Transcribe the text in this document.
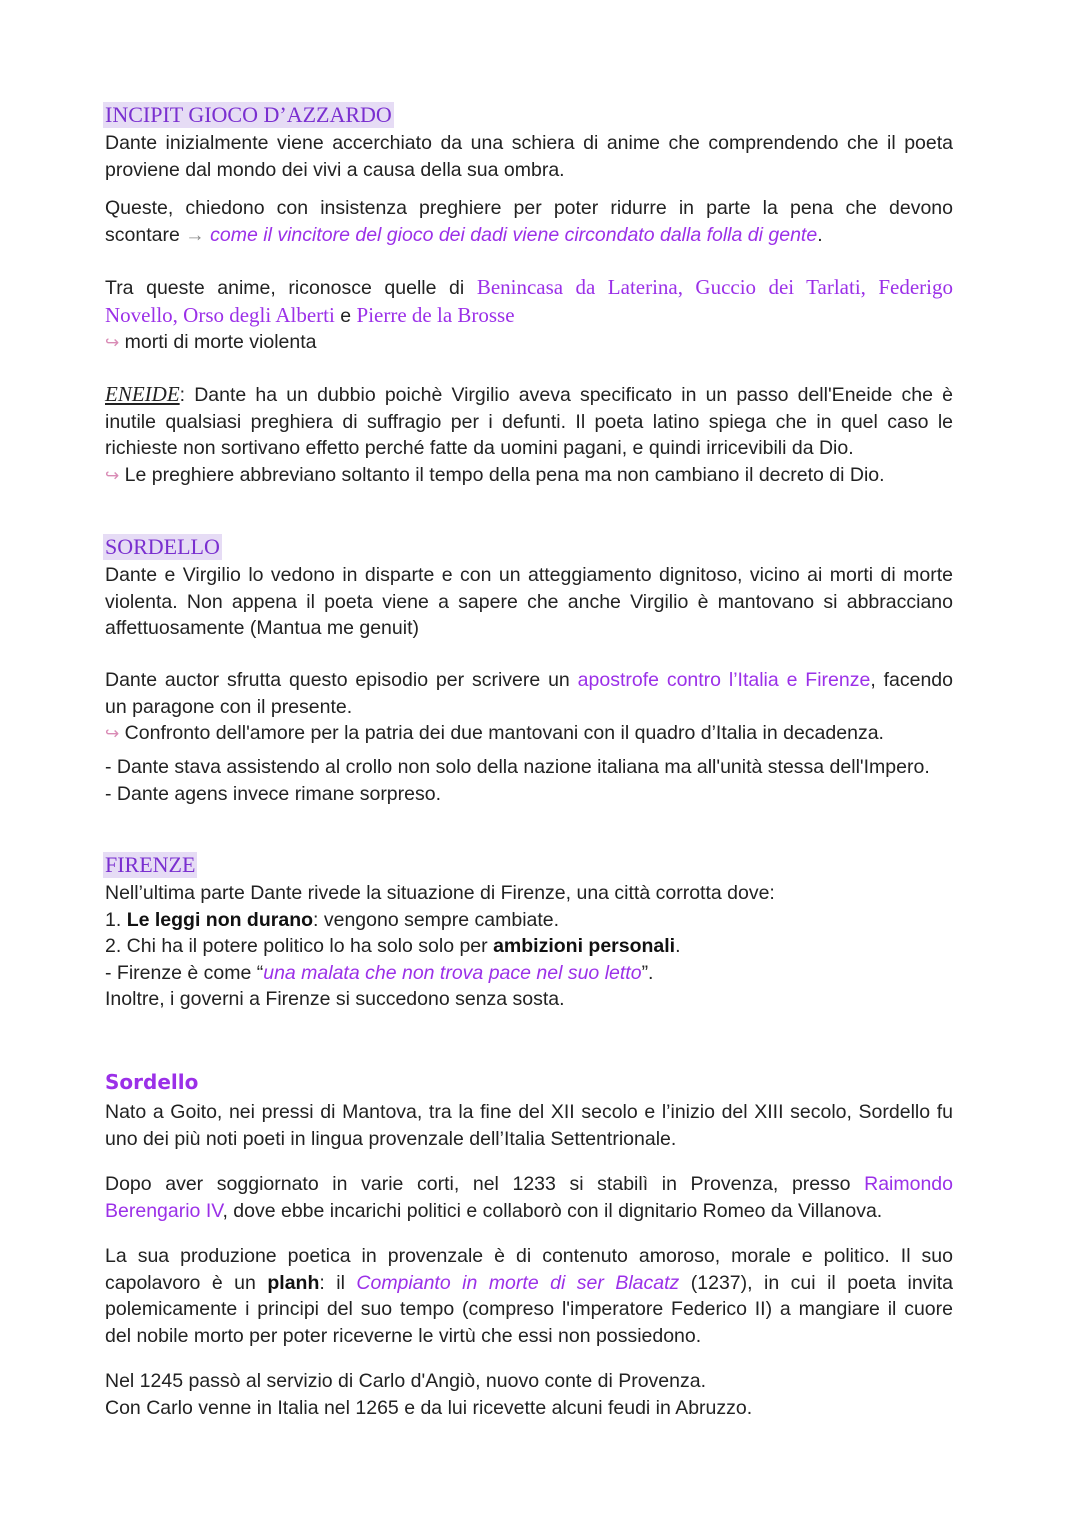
INCIPIT GIOCO D’AZZARDO

Dante inizialmente viene accerchiato da una schiera di anime che comprendendo che il poeta

proviene dal mondo dei vivi a causa della sua ombra.

Queste, chiedono con insistenza preghiere per poter ridurre in parte la pena che devono

scontare → come il vincitore del gioco dei dadi viene circondato dalla folla di gente.

Tra queste anime, riconosce quelle di Benincasa da Laterina, Guccio dei Tarlati, Federigo

Novello, Orso degli Alberti e Pierre de la Brosse

↪ morti di morte violenta

ENEIDE: Dante ha un dubbio poichè Virgilio aveva specificato in un passo dell'Eneide che è

inutile qualsiasi preghiera di suffragio per i defunti. Il poeta latino spiega che in quel caso le

richieste non sortivano effetto perché fatte da uomini pagani, e quindi irricevibili da Dio.

↪ Le preghiere abbreviano soltanto il tempo della pena ma non cambiano il decreto di Dio.

SORDELLO

Dante e Virgilio lo vedono in disparte e con un atteggiamento dignitoso, vicino ai morti di morte

violenta. Non appena il poeta viene a sapere che anche Virgilio è mantovano si abbracciano

affettuosamente (Mantua me genuit)

Dante auctor sfrutta questo episodio per scrivere un apostrofe contro l’Italia e Firenze, facendo

un paragone con il presente.

↪ Confronto dell'amore per la patria dei due mantovani con il quadro d’Italia in decadenza.

- Dante stava assistendo al crollo non solo della nazione italiana ma all'unità stessa dell'Impero.

- Dante agens invece rimane sorpreso.

FIRENZE

Nell’ultima parte Dante rivede la situazione di Firenze, una città corrotta dove:

1. Le leggi non durano: vengono sempre cambiate.

2. Chi ha il potere politico lo ha solo solo per ambizioni personali.

- Firenze è come “una malata che non trova pace nel suo letto”.

Inoltre, i governi a Firenze si succedono senza sosta.

Sordello

Nato a Goito, nei pressi di Mantova, tra la fine del XII secolo e l’inizio del XIII secolo, Sordello fu

uno dei più noti poeti in lingua provenzale dell’Italia Settentrionale.

Dopo aver soggiornato in varie corti, nel 1233 si stabilì in Provenza, presso Raimondo

Berengario IV, dove ebbe incarichi politici e collaborò con il dignitario Romeo da Villanova.

La sua produzione poetica in provenzale è di contenuto amoroso, morale e politico. Il suo

capolavoro è un planh: il Compianto in morte di ser Blacatz (1237), in cui il poeta invita

polemicamente i principi del suo tempo (compreso l'imperatore Federico II) a mangiare il cuore

del nobile morto per poter riceverne le virtù che essi non possiedono.

Nel 1245 passò al servizio di Carlo d'Angiò, nuovo conte di Provenza.

Con Carlo venne in Italia nel 1265 e da lui ricevette alcuni feudi in Abruzzo.
